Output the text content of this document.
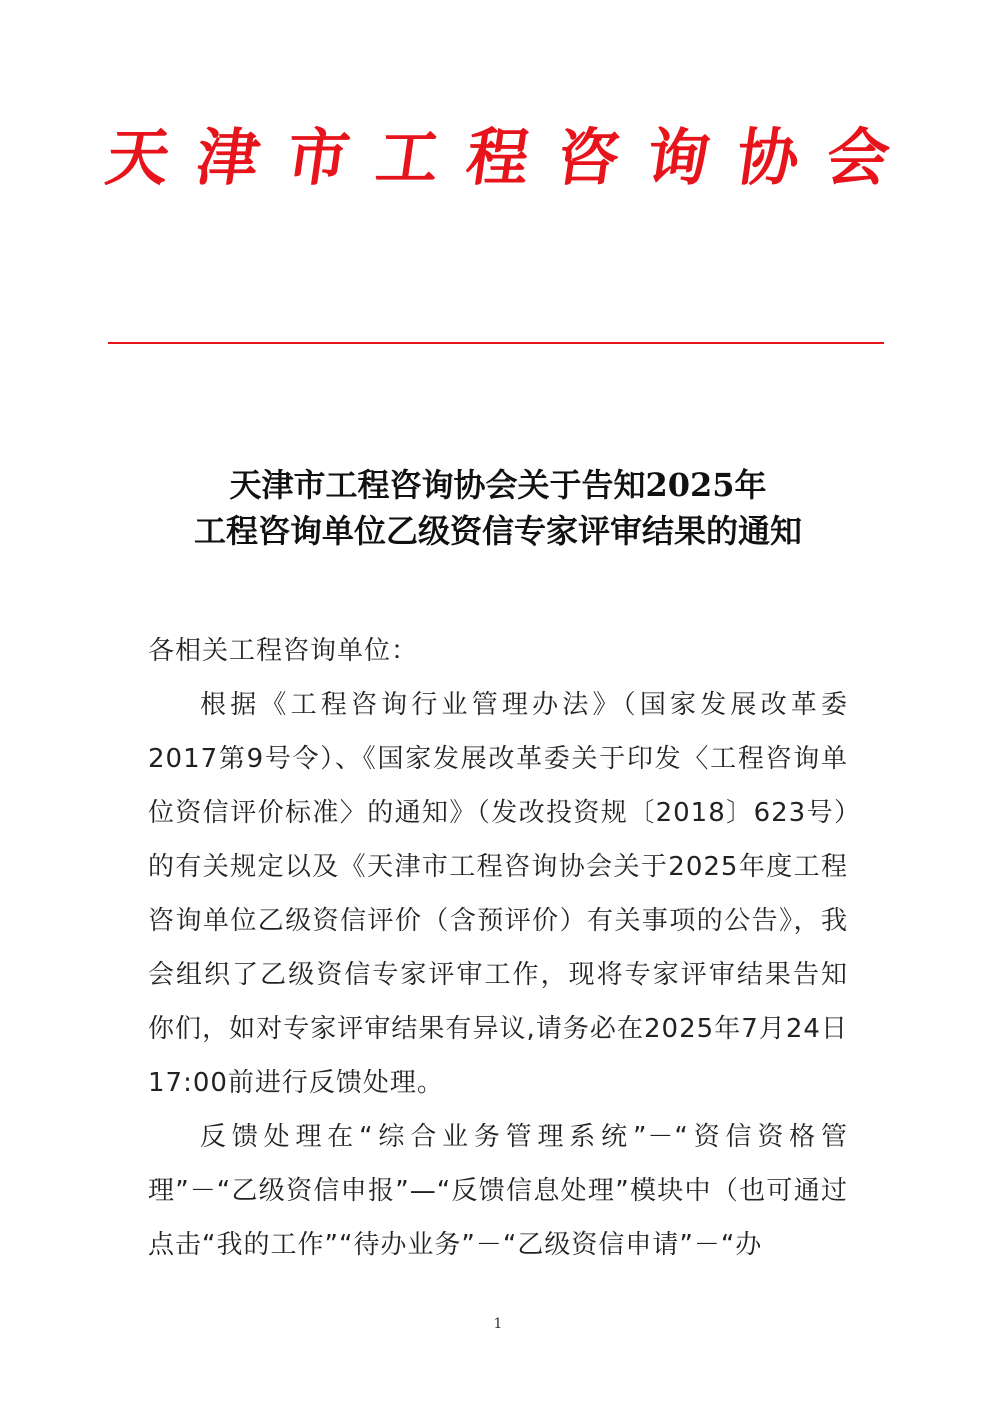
天津市工程咨询协会
天津市工程咨询协会关于告知2025年
工程咨询单位乙级资信专家评审结果的通知
各相关工程咨询单位：

根据《工程咨询行业管理办法》（国家发展改革委2017第9号令）、《国家发展改革委关于印发〈工程咨询单位资信评价标准〉的通知》（发改投资规〔2018〕623号）的有关规定以及《天津市工程咨询协会关于2025年度工程咨询单位乙级资信评价（含预评价）有关事项的公告》，我会组织了乙级资信专家评审工作，现将专家评审结果告知你们，如对专家评审结果有异议,请务必在2025年7月24日17:00前进行反馈处理。

反馈处理在“综合业务管理系统”－“资信资格管理”－“乙级资信申报”—“反馈信息处理”模块中（也可通过点击“我的工作”“待办业务”－“乙级资信申请”－“办

1
